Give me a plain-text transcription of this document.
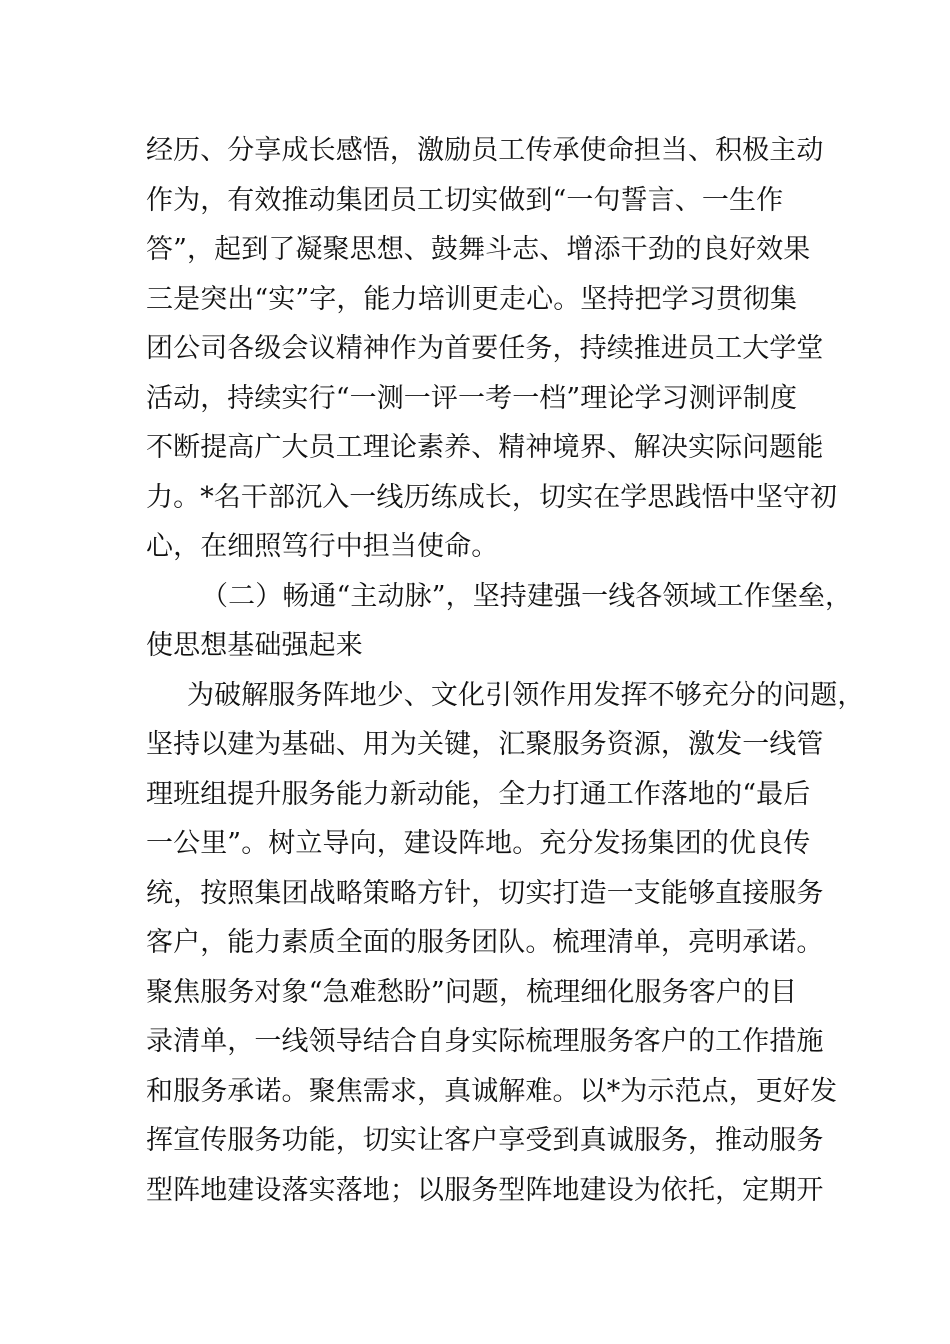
经历、分享成长感悟，激励员工传承使命担当、积极主动
作为，有效推动集团员工切实做到“一句誓言、一生作
答”，起到了凝聚思想、鼓舞斗志、增添干劲的良好效果
三是突出“实”字，能力培训更走心。坚持把学习贯彻集
团公司各级会议精神作为首要任务，持续推进员工大学堂
活动，持续实行“一测一评一考一档”理论学习测评制度
不断提高广大员工理论素养、精神境界、解决实际问题能
力。*名干部沉入一线历练成长，切实在学思践悟中坚守初
心，在细照笃行中担当使命。
（二）畅通“主动脉”，坚持建强一线各领域工作堡垒，
使思想基础强起来
为破解服务阵地少、文化引领作用发挥不够充分的问题，
坚持以建为基础、用为关键，汇聚服务资源，激发一线管
理班组提升服务能力新动能，全力打通工作落地的“最后
一公里”。树立导向，建设阵地。充分发扬集团的优良传
统，按照集团战略策略方针，切实打造一支能够直接服务
客户，能力素质全面的服务团队。梳理清单，亮明承诺。
聚焦服务对象“急难愁盼”问题，梳理细化服务客户的目
录清单，一线领导结合自身实际梳理服务客户的工作措施
和服务承诺。聚焦需求，真诚解难。以*为示范点，更好发
挥宣传服务功能，切实让客户享受到真诚服务，推动服务
型阵地建设落实落地；以服务型阵地建设为依托，定期开
